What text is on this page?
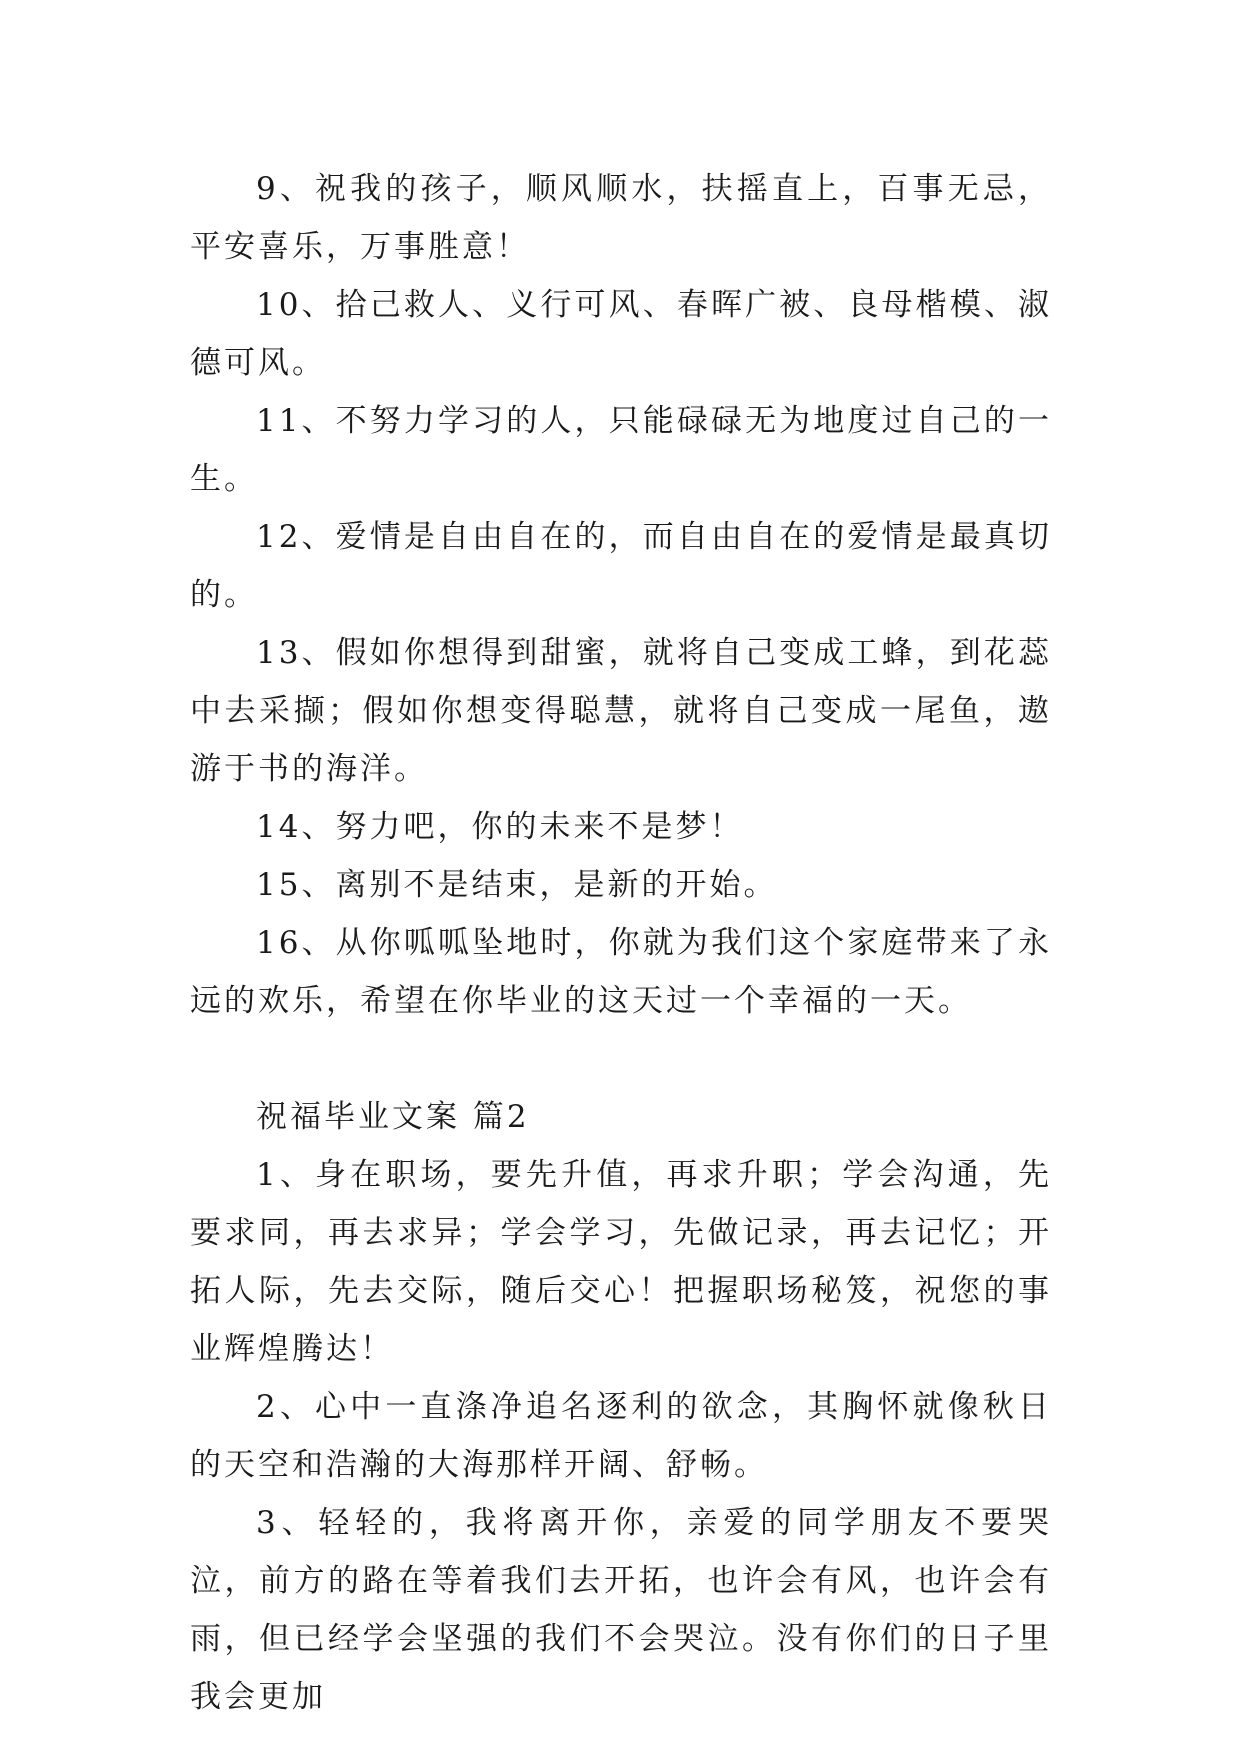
9、祝我的孩子，顺风顺水，扶摇直上，百事无忌，平安喜乐，万事胜意！

10、拾己救人、义行可风、春晖广被、良母楷模、淑德可风。

11、不努力学习的人，只能碌碌无为地度过自己的一生。

12、爱情是自由自在的，而自由自在的爱情是最真切的。

13、假如你想得到甜蜜，就将自己变成工蜂，到花蕊中去采撷；假如你想变得聪慧，就将自己变成一尾鱼，遨游于书的海洋。

14、努力吧，你的未来不是梦！

15、离别不是结束，是新的开始。

16、从你呱呱坠地时，你就为我们这个家庭带来了永远的欢乐，希望在你毕业的这天过一个幸福的一天。

祝福毕业文案 篇2

1、身在职场，要先升值，再求升职；学会沟通，先要求同，再去求异；学会学习，先做记录，再去记忆；开拓人际，先去交际，随后交心！把握职场秘笈，祝您的事业辉煌腾达！

2、心中一直涤净追名逐利的欲念，其胸怀就像秋日的天空和浩瀚的大海那样开阔、舒畅。

3、轻轻的，我将离开你，亲爱的同学朋友不要哭泣，前方的路在等着我们去开拓，也许会有风，也许会有雨，但已经学会坚强的我们不会哭泣。没有你们的日子里我会更加
